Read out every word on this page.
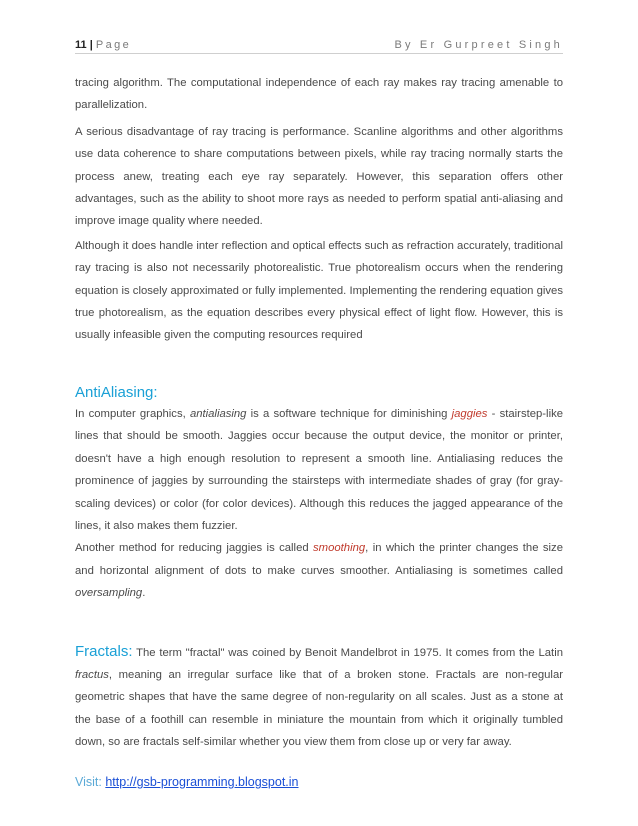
11 | Page	By Er Gurpreet Singh

tracing algorithm. The computational independence of each ray makes ray tracing amenable to parallelization.

A serious disadvantage of ray tracing is performance. Scanline algorithms and other algorithms use data coherence to share computations between pixels, while ray tracing normally starts the process anew, treating each eye ray separately. However, this separation offers other advantages, such as the ability to shoot more rays as needed to perform spatial anti-aliasing and improve image quality where needed.

Although it does handle inter reflection and optical effects such as refraction accurately, traditional ray tracing is also not necessarily photorealistic. True photorealism occurs when the rendering equation is closely approximated or fully implemented. Implementing the rendering equation gives true photorealism, as the equation describes every physical effect of light flow. However, this is usually infeasible given the computing resources required

AntiAliasing:

In computer graphics, antialiasing is a software technique for diminishing jaggies - stairstep-like lines that should be smooth. Jaggies occur because the output device, the monitor or printer, doesn't have a high enough resolution to represent a smooth line. Antialiasing reduces the prominence of jaggies by surrounding the stairsteps with intermediate shades of gray (for gray-scaling devices) or color (for color devices). Although this reduces the jagged appearance of the lines, it also makes them fuzzier.

Another method for reducing jaggies is called smoothing, in which the printer changes the size and horizontal alignment of dots to make curves smoother. Antialiasing is sometimes called oversampling.

Fractals: The term "fractal" was coined by Benoit Mandelbrot in 1975. It comes from the Latin fractus, meaning an irregular surface like that of a broken stone. Fractals are non-regular geometric shapes that have the same degree of non-regularity on all scales. Just as a stone at the base of a foothill can resemble in miniature the mountain from which it originally tumbled down, so are fractals self-similar whether you view them from close up or very far away.

Visit: http://gsb-programming.blogspot.in
